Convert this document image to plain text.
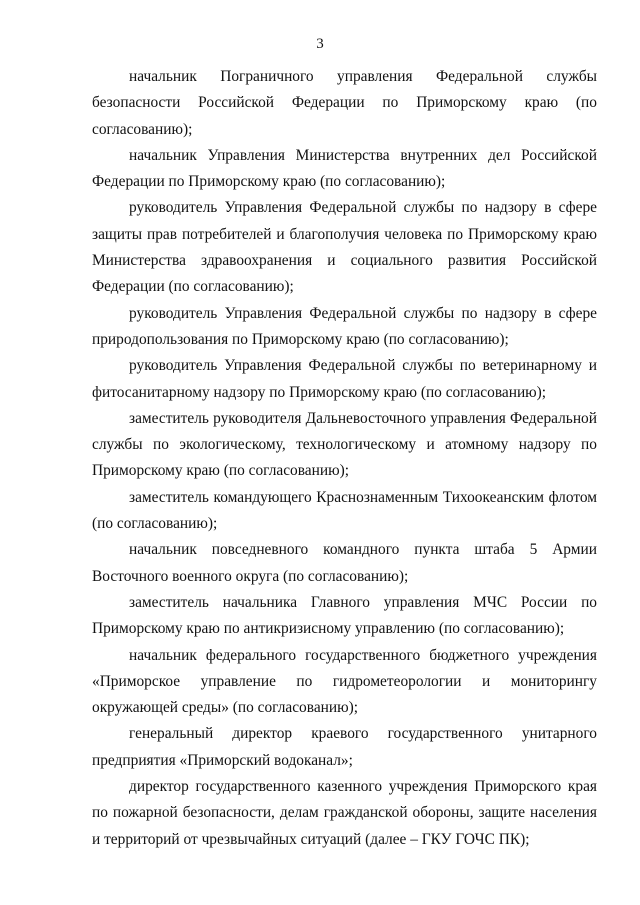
3

начальник Пограничного управления Федеральной службы безопасности Российской Федерации по Приморскому краю (по согласованию);

начальник Управления Министерства внутренних дел Российской Федерации по Приморскому краю (по согласованию);

руководитель Управления Федеральной службы по надзору в сфере защиты прав потребителей и благополучия человека по Приморскому краю Министерства здравоохранения и социального развития Российской Федерации (по согласованию);

руководитель Управления Федеральной службы по надзору в сфере природопользования по Приморскому краю (по согласованию);

руководитель Управления Федеральной службы по ветеринарному и фитосанитарному надзору по Приморскому краю (по согласованию);

заместитель руководителя Дальневосточного управления Федеральной службы по экологическому, технологическому и атомному надзору по Приморскому краю (по согласованию);

заместитель командующего Краснознаменным Тихоокеанским флотом (по согласованию);

начальник повседневного командного пункта штаба 5 Армии Восточного военного округа (по согласованию);

заместитель начальника Главного управления МЧС России по Приморскому краю по антикризисному управлению (по согласованию);

начальник федерального государственного бюджетного учреждения «Приморское управление по гидрометеорологии и мониторингу окружающей среды» (по согласованию);

генеральный директор краевого государственного унитарного предприятия «Приморский водоканал»;

директор государственного казенного учреждения Приморского края по пожарной безопасности, делам гражданской обороны, защите населения и территорий от чрезвычайных ситуаций (далее – ГКУ ГОЧС ПК);
